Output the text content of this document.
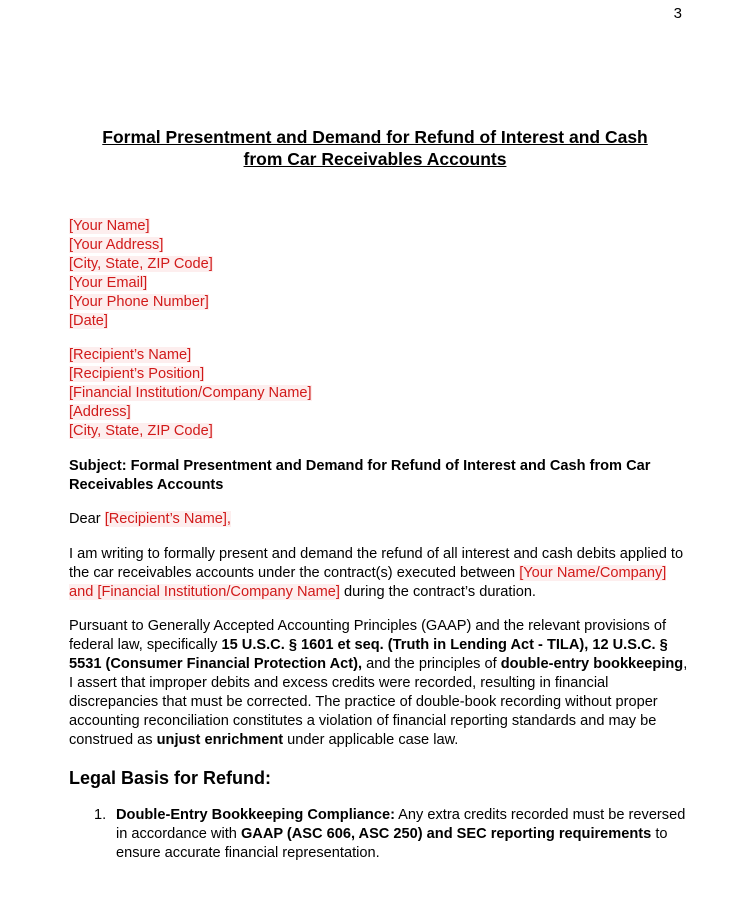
3
Formal Presentment and Demand for Refund of Interest and Cash
from Car Receivables Accounts
[Your Name]
[Your Address]
[City, State, ZIP Code]
[Your Email]
[Your Phone Number]
[Date]
[Recipient’s Name]
[Recipient’s Position]
[Financial Institution/Company Name]
[Address]
[City, State, ZIP Code]
Subject: Formal Presentment and Demand for Refund of Interest and Cash from Car Receivables Accounts
Dear [Recipient’s Name],
I am writing to formally present and demand the refund of all interest and cash debits applied to the car receivables accounts under the contract(s) executed between [Your Name/Company] and [Financial Institution/Company Name] during the contract’s duration.
Pursuant to Generally Accepted Accounting Principles (GAAP) and the relevant provisions of federal law, specifically 15 U.S.C. § 1601 et seq. (Truth in Lending Act - TILA), 12 U.S.C. § 5531 (Consumer Financial Protection Act), and the principles of double-entry bookkeeping, I assert that improper debits and excess credits were recorded, resulting in financial discrepancies that must be corrected. The practice of double-book recording without proper accounting reconciliation constitutes a violation of financial reporting standards and may be construed as unjust enrichment under applicable case law.
Legal Basis for Refund:
1. Double-Entry Bookkeeping Compliance: Any extra credits recorded must be reversed in accordance with GAAP (ASC 606, ASC 250) and SEC reporting requirements to ensure accurate financial representation.
